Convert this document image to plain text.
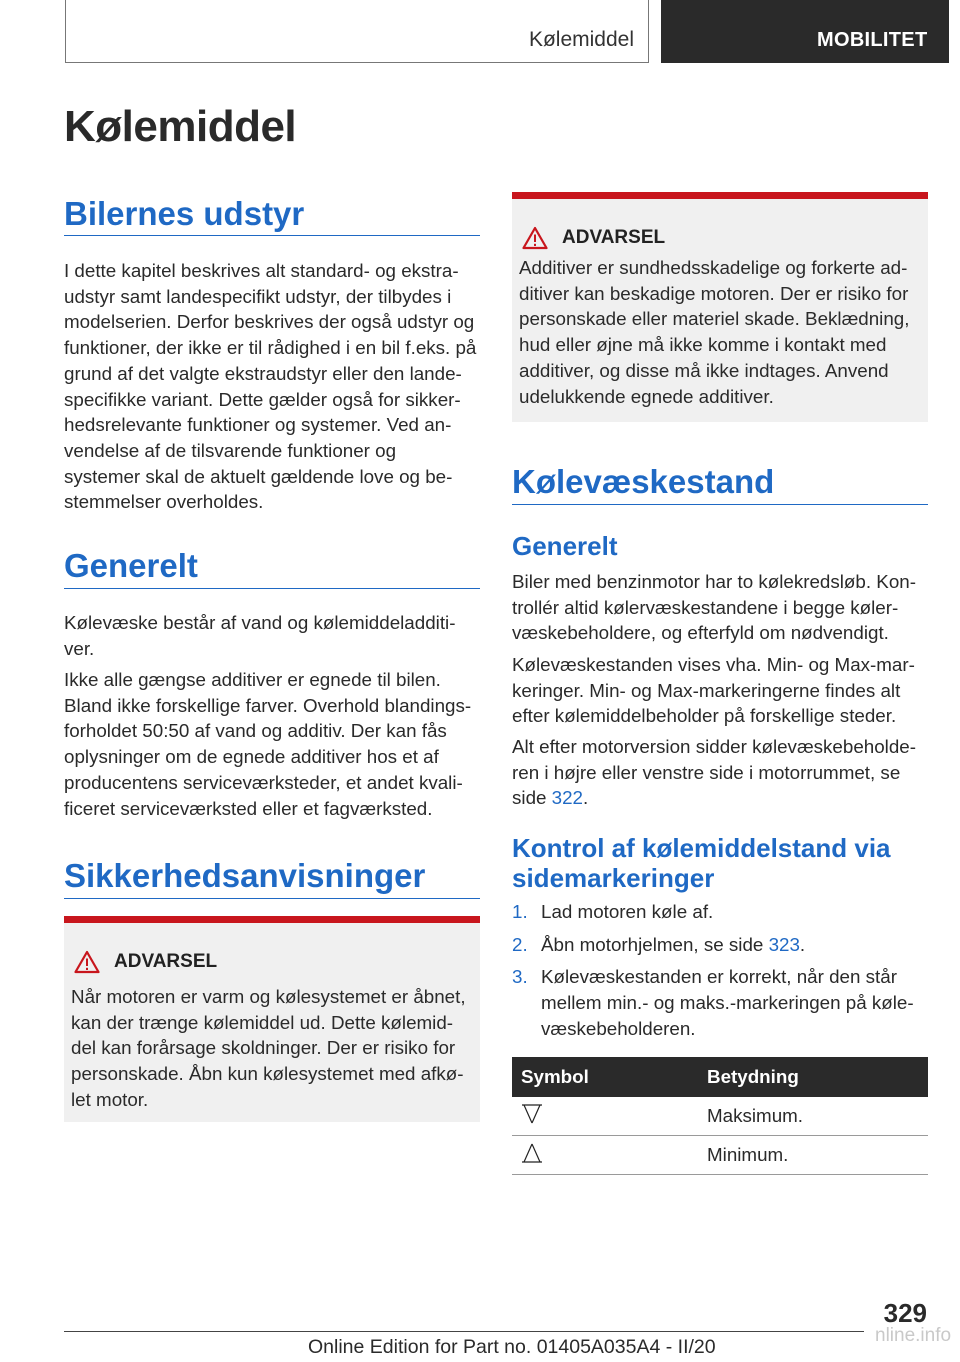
Kølemiddel	MOBILITET
Kølemiddel
Bilernes udstyr

I dette kapitel beskrives alt standard- og ekstra-
udstyr samt landespecifikt udstyr, der tilbydes i
modelserien. Derfor beskrives der også udstyr og
funktioner, der ikke er til rådighed i en bil f.eks. på
grund af det valgte ekstraudstyr eller den lande-
specifikke variant. Dette gælder også for sikker-
hedsrelevante funktioner og systemer. Ved an-
vendelse af de tilsvarende funktioner og
systemer skal de aktuelt gældende love og be-
stemmelser overholdes.

Generelt

Kølevæske består af vand og kølemiddeladditi-
ver.

Ikke alle gængse additiver er egnede til bilen.
Bland ikke forskellige farver. Overhold blandings-
forholdet 50:50 af vand og additiv. Der kan fås
oplysninger om de egnede additiver hos et af
producentens serviceværksteder, et andet kvali-
ficeret serviceværksted eller et fagværksted.

Sikkerhedsanvisninger
ADVARSEL

Når motoren er varm og kølesystemet er åbnet,
kan der trænge kølemiddel ud. Dette kølemid-
del kan forårsage skoldninger. Der er risiko for
personskade. Åbn kun kølesystemet med afkø-
let motor.

ADVARSEL

Additiver er sundhedsskadelige og forkerte ad-
ditiver kan beskadige motoren. Der er risiko for
personskade eller materiel skade. Beklædning,
hud eller øjne må ikke komme i kontakt med
additiver, og disse må ikke indtages. Anvend
udelukkende egnede additiver.

Kølevæskestand
Generelt

Biler med benzinmotor har to kølekredsløb. Kon-
trollér altid kølervæskestandene i begge køler-
væskebeholdere, og efterfyld om nødvendigt.

Kølevæskestanden vises vha. Min- og Max-mar-
keringer. Min- og Max-markeringerne findes alt
efter kølemiddelbeholder på forskellige steder.

Alt efter motorversion sidder kølevæskebeholde-
ren i højre eller venstre side i motorrummet, se
side 322.

Kontrol af kølemiddelstand via
sidemarkeringer
1. Lad motoren køle af.
2. Åbn motorhjelmen, se side 323.
3. Kølevæskestanden er korrekt, når den står
mellem min.- og maks.-markeringen på køle-
væskebeholderen.
Symbol	Betydning
	Maksimum.
	Minimum.
329
Online Edition for Part no. 01405A035A4 - II/20
nline.info
